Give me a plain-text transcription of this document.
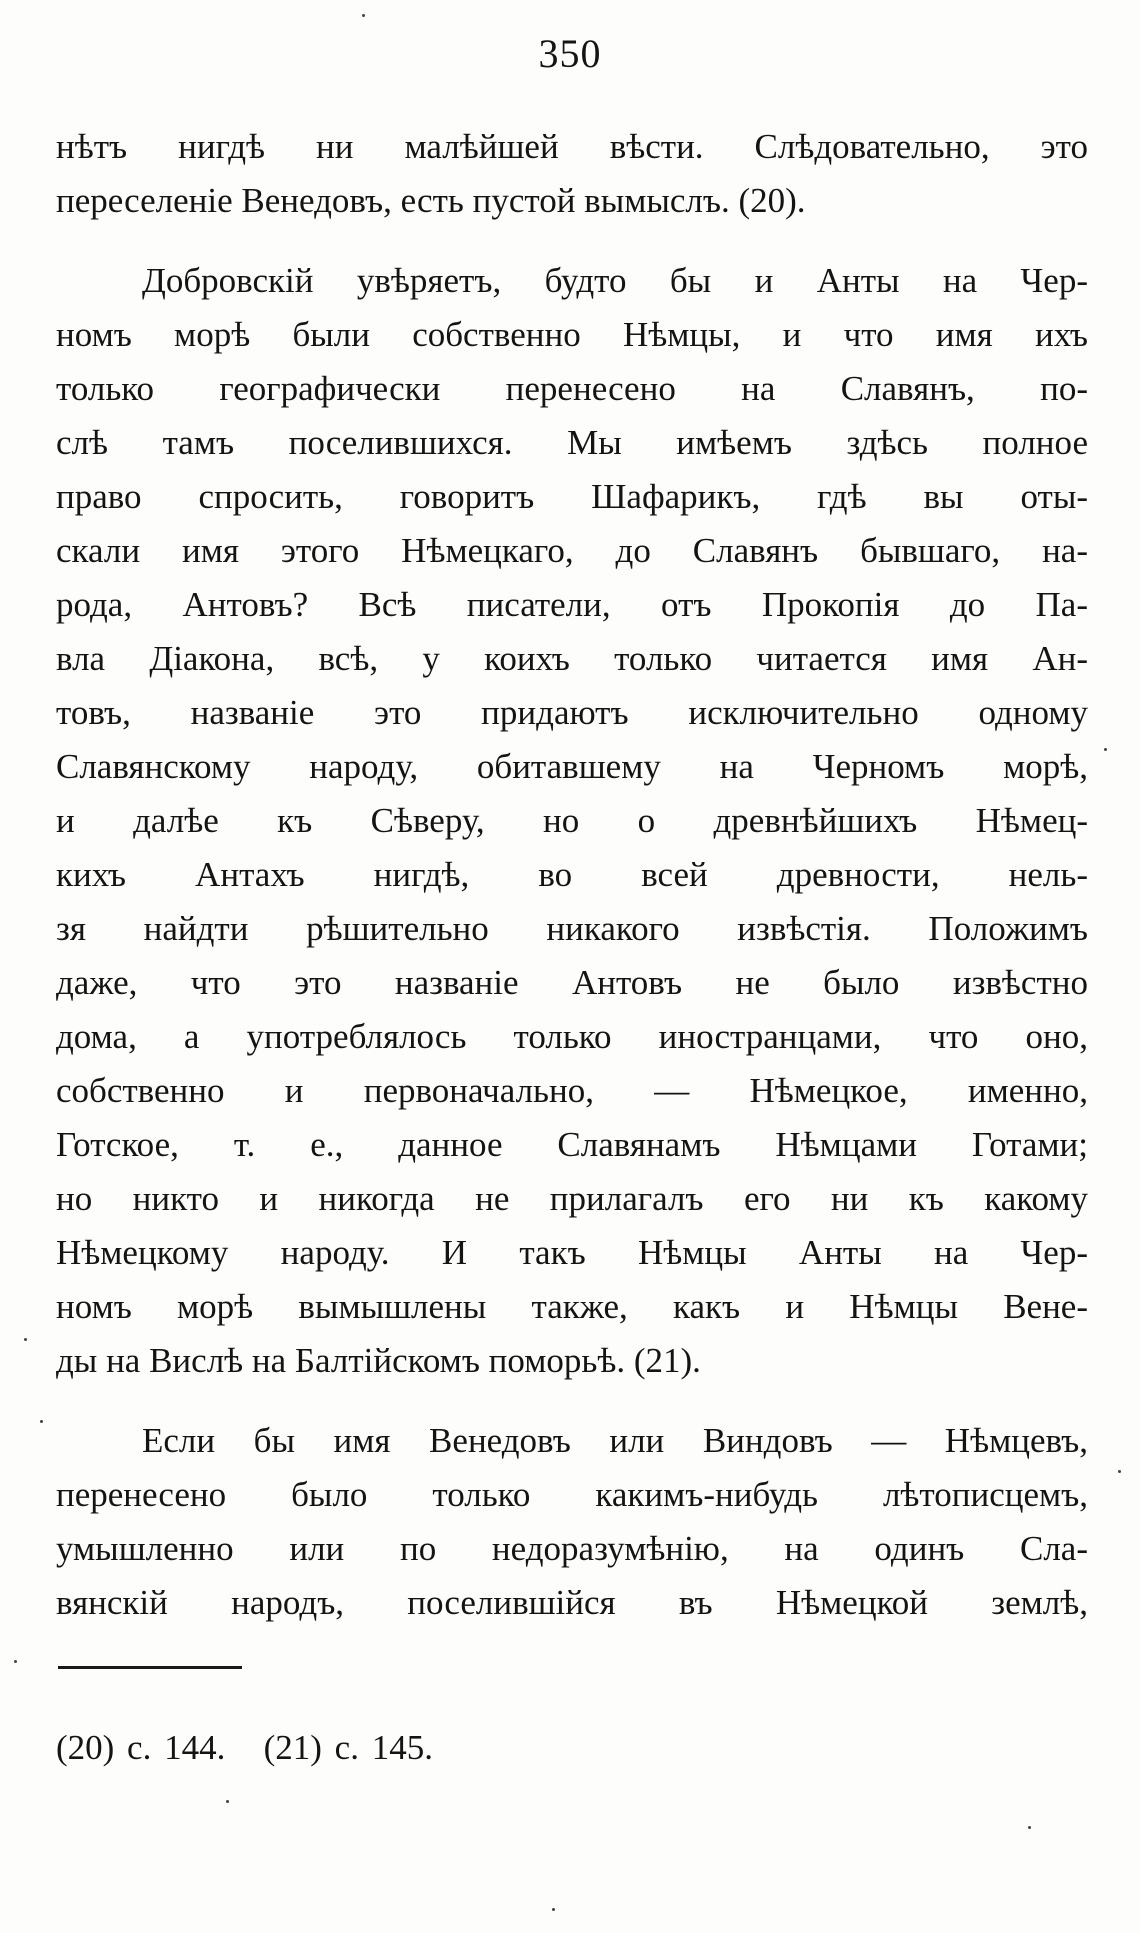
350
нѣтъ нигдѣ ни малѣйшей вѣсти. Слѣдовательно, это
переселеніе Венедовъ, есть пустой вымыслъ. (20).
Добровскій увѣряетъ, будто бы и Анты на Чер-
номъ морѣ были собственно Нѣмцы, и что имя ихъ
только географически перенесено на Славянъ, по-
слѣ тамъ поселившихся. Мы имѣемъ здѣсь полное
право спросить, говоритъ Шафарикъ, гдѣ вы оты-
скали имя этого Нѣмецкаго, до Славянъ бывшаго, на-
рода, Антовъ? Всѣ писатели, отъ Прокопія до Па-
вла Діакона, всѣ, у коихъ только читается имя Ан-
товъ, названіе это придаютъ исключительно одному
Славянскому народу, обитавшему на Черномъ морѣ,
и далѣе къ Сѣверу, но о древнѣйшихъ Нѣмец-
кихъ Антахъ нигдѣ, во всей древности, нель-
зя найдти рѣшительно никакого извѣстія. Положимъ
даже, что это названіе Антовъ не было извѣстно
дома, а употреблялось только иностранцами, что оно,
собственно и первоначально, — Нѣмецкое, именно,
Готское, т. е., данное Славянамъ Нѣмцами Готами;
но никто и никогда не прилагалъ его ни къ какому
Нѣмецкому народу. И такъ Нѣмцы Анты на Чер-
номъ морѣ вымышлены также, какъ и Нѣмцы Вене-
ды на Вислѣ на Балтійскомъ поморьѣ. (21).
Если бы имя Венедовъ или Виндовъ — Нѣмцевъ,
перенесено было только какимъ-нибудь лѣтописцемъ,
умышленно или по недоразумѣнію, на одинъ Сла-
вянскій народъ, поселившійся въ Нѣмецкой землѣ,
(20) с. 144.   (21) с. 145.
